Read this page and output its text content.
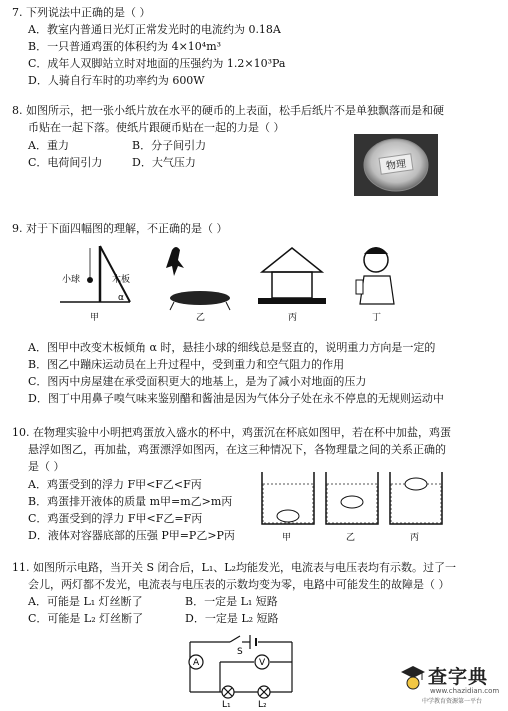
7. 下列说法中正确的是（ ）
A．教室内普通日光灯正常发光时的电流约为 0.18A
B．一只普通鸡蛋的体积约为 4×10⁴m³
C．成年人双脚站立时对地面的压强约为 1.2×10³Pa
D．人骑自行车时的功率约为 600W
8. 如图所示，把一张小纸片放在水平的硬币的上表面，松手后纸片不是单独飘落而是和硬
币贴在一起下落。使纸片跟硬币贴在一起的力是（ ）
A．重力	B．分子间引力
C．电荷间引力	D．大气压力	物理
9. 对于下面四幅图的理解，不正确的是（ ）
小球	木板
α
甲	乙	丙	丁
A．图甲中改变木板倾角 α 时，悬挂小球的细线总是竖直的，说明重力方向是一定的
B．图乙中蹦床运动员在上升过程中，受到重力和空气阻力的作用
C．图丙中房屋建在承受面积更大的地基上，是为了减小对地面的压力
D．图丁中用鼻子嗅气味来鉴别醋和酱油是因为气体分子处在永不停息的无规则运动中
10. 在物理实验中小明把鸡蛋放入盛水的杯中，鸡蛋沉在杯底如图甲，若在杯中加盐，鸡蛋
悬浮如图乙，再加盐，鸡蛋漂浮如图丙，在这三种情况下，各物理量之间的关系正确的
是（ ）
A．鸡蛋受到的浮力 F甲<F乙<F丙
B．鸡蛋排开液体的质量 m甲=m乙>m丙
C．鸡蛋受到的浮力 F甲<F乙=F丙
D．液体对容器底部的压强 P甲=P乙>P丙	甲	乙	丙
11. 如图所示电路，当开关 S 闭合后，L₁、L₂均能发光，电流表与电压表均有示数。过了一
会儿，两灯都不发光，电流表与电压表的示数均变为零，电路中可能发生的故障是（ ）
A．可能是 L₁ 灯丝断了	B．一定是 L₁ 短路
C．可能是 L₂ 灯丝断了	D．一定是 L₂ 短路
S
A	V
L₁	L₂
查字典
www.chazidian.com
中学教育资源第一平台
